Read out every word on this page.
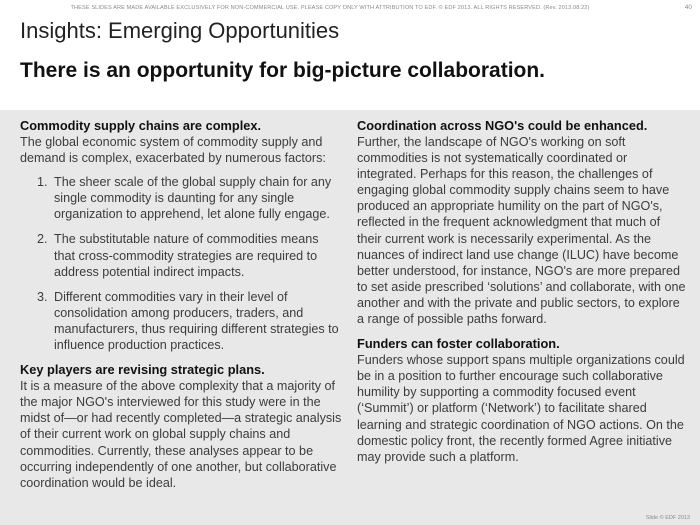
THESE SLIDES ARE MADE AVAILABLE EXCLUSIVELY FOR NON-COMMERCIAL USE. PLEASE COPY ONLY WITH ATTRIBUTION TO EDF. © EDF 2013. ALL RIGHTS RESERVED. (Rev. 2013.08.22)	40
Insights: Emerging Opportunities
There is an opportunity for big-picture collaboration.
Commodity supply chains are complex.

The global economic system of commodity supply and demand is complex, exacerbated by numerous factors:

1. The sheer scale of the global supply chain for any single commodity is daunting for any single organization to apprehend, let alone fully engage.
2. The substitutable nature of commodities means that cross-commodity strategies are required to address potential indirect impacts.
3. Different commodities vary in their level of consolidation among producers, traders, and manufacturers, thus requiring different strategies to influence production practices.
Key players are revising strategic plans.

It is a measure of the above complexity that a majority of the major NGO's interviewed for this study were in the midst of—or had recently completed—a strategic analysis of their current work on global supply chains and commodities. Currently, these analyses appear to be occurring independently of one another, but collaborative coordination would be ideal.

Coordination across NGO's could be enhanced.

Further, the landscape of NGO's working on soft commodities is not systematically coordinated or integrated. Perhaps for this reason, the challenges of engaging global commodity supply chains seem to have produced an appropriate humility on the part of NGO's, reflected in the frequent acknowledgment that much of their current work is necessarily experimental. As the nuances of indirect land use change (ILUC) have become better understood, for instance, NGO's are more prepared to set aside prescribed ‘solutions’ and collaborate, with one another and with the private and public sectors, to explore a range of possible paths forward.

Funders can foster collaboration.

Funders whose support spans multiple organizations could be in a position to further encourage such collaborative humility by supporting a commodity focused event (‘Summit’) or platform (‘Network’) to facilitate shared learning and strategic coordination of NGO actions. On the domestic policy front, the recently formed Agree initiative may provide such a platform.

Slide © EDF 2013
